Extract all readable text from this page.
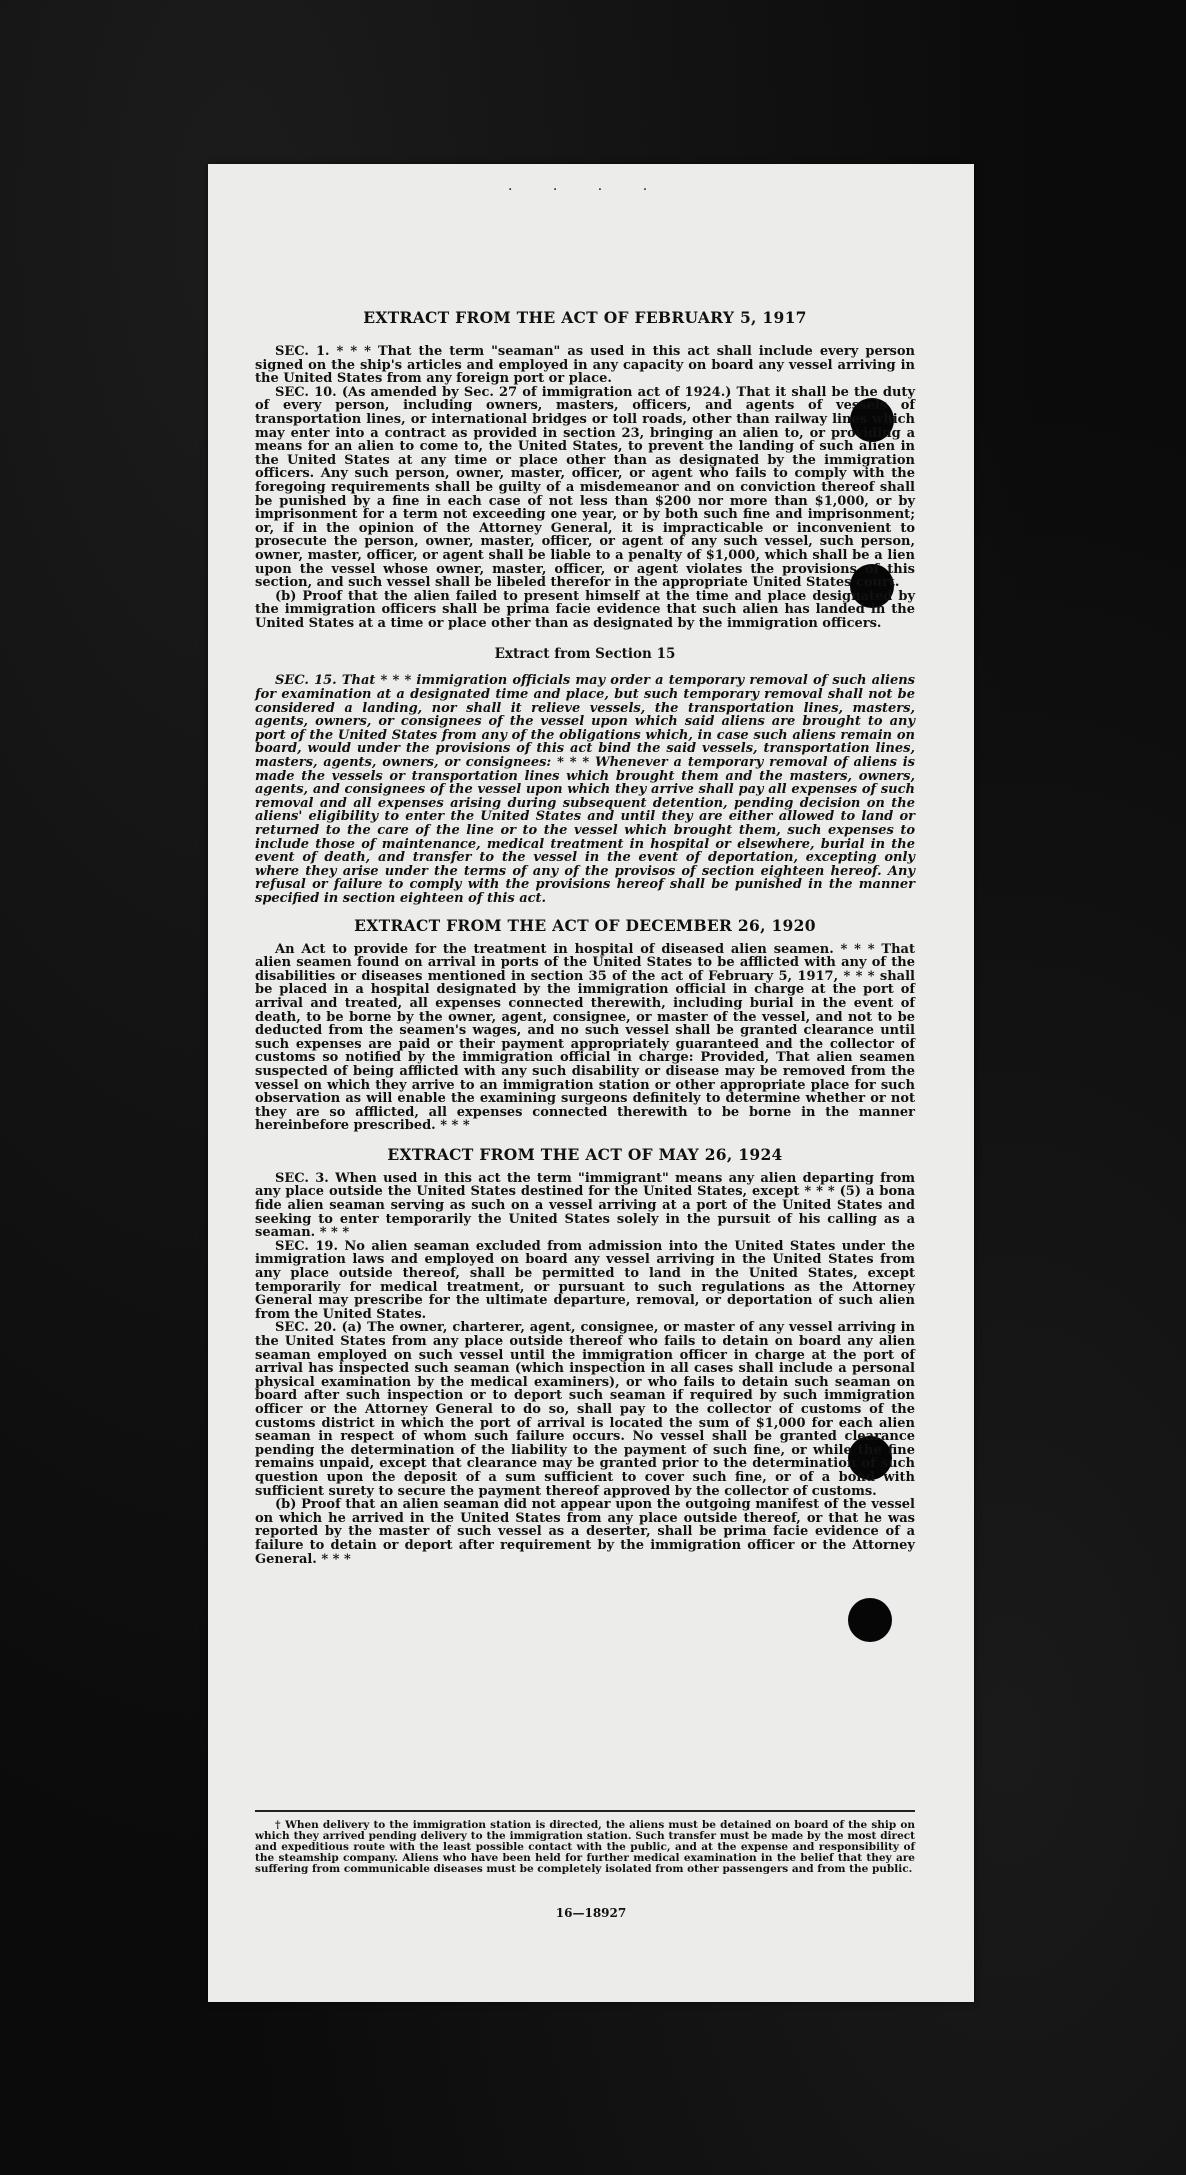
· · · ·
EXTRACT FROM THE ACT OF FEBRUARY 5, 1917

SEC. 1. * * * That the term "seaman" as used in this act shall include every person signed on the ship's articles and employed in any capacity on board any vessel arriving in the United States from any foreign port or place.

SEC. 10. (As amended by Sec. 27 of immigration act of 1924.) That it shall be the duty of every person, including owners, masters, officers, and agents of vessels of transportation lines, or international bridges or toll roads, other than railway lines which may enter into a contract as provided in section 23, bringing an alien to, or providing a means for an alien to come to, the United States, to prevent the landing of such alien in the United States at any time or place other than as designated by the immigration officers. Any such person, owner, master, officer, or agent who fails to comply with the foregoing requirements shall be guilty of a misdemeanor and on conviction thereof shall be punished by a fine in each case of not less than $200 nor more than $1,000, or by imprisonment for a term not exceeding one year, or by both such fine and imprisonment; or, if in the opinion of the Attorney General, it is impracticable or inconvenient to prosecute the person, owner, master, officer, or agent of any such vessel, such person, owner, master, officer, or agent shall be liable to a penalty of $1,000, which shall be a lien upon the vessel whose owner, master, officer, or agent violates the provisions of this section, and such vessel shall be libeled therefor in the appropriate United States court.

(b) Proof that the alien failed to present himself at the time and place designated by the immigration officers shall be prima facie evidence that such alien has landed in the United States at a time or place other than as designated by the immigration officers.

Extract from Section 15

SEC. 15. That * * * immigration officials may order a temporary removal of such aliens for examination at a designated time and place, but such temporary removal shall not be considered a landing, nor shall it relieve vessels, the transportation lines, masters, agents, owners, or consignees of the vessel upon which said aliens are brought to any port of the United States from any of the obligations which, in case such aliens remain on board, would under the provisions of this act bind the said vessels, transportation lines, masters, agents, owners, or consignees: * * * Whenever a temporary removal of aliens is made the vessels or transportation lines which brought them and the masters, owners, agents, and consignees of the vessel upon which they arrive shall pay all expenses of such removal and all expenses arising during subsequent detention, pending decision on the aliens' eligibility to enter the United States and until they are either allowed to land or returned to the care of the line or to the vessel which brought them, such expenses to include those of maintenance, medical treatment in hospital or elsewhere, burial in the event of death, and transfer to the vessel in the event of deportation, excepting only where they arise under the terms of any of the provisos of section eighteen hereof. Any refusal or failure to comply with the provisions hereof shall be punished in the manner specified in section eighteen of this act.

EXTRACT FROM THE ACT OF DECEMBER 26, 1920

An Act to provide for the treatment in hospital of diseased alien seamen. * * * That alien seamen found on arrival in ports of the United States to be afflicted with any of the disabilities or diseases mentioned in section 35 of the act of February 5, 1917, * * * shall be placed in a hospital designated by the immigration official in charge at the port of arrival and treated, all expenses connected therewith, including burial in the event of death, to be borne by the owner, agent, consignee, or master of the vessel, and not to be deducted from the seamen's wages, and no such vessel shall be granted clearance until such expenses are paid or their payment appropriately guaranteed and the collector of customs so notified by the immigration official in charge: Provided, That alien seamen suspected of being afflicted with any such disability or disease may be removed from the vessel on which they arrive to an immigration station or other appropriate place for such observation as will enable the examining surgeons definitely to determine whether or not they are so afflicted, all expenses connected therewith to be borne in the manner hereinbefore prescribed. * * *

EXTRACT FROM THE ACT OF MAY 26, 1924

SEC. 3. When used in this act the term "immigrant" means any alien departing from any place outside the United States destined for the United States, except * * * (5) a bona fide alien seaman serving as such on a vessel arriving at a port of the United States and seeking to enter temporarily the United States solely in the pursuit of his calling as a seaman. * * *

SEC. 19. No alien seaman excluded from admission into the United States under the immigration laws and employed on board any vessel arriving in the United States from any place outside thereof, shall be permitted to land in the United States, except temporarily for medical treatment, or pursuant to such regulations as the Attorney General may prescribe for the ultimate departure, removal, or deportation of such alien from the United States.

SEC. 20. (a) The owner, charterer, agent, consignee, or master of any vessel arriving in the United States from any place outside thereof who fails to detain on board any alien seaman employed on such vessel until the immigration officer in charge at the port of arrival has inspected such seaman (which inspection in all cases shall include a personal physical examination by the medical examiners), or who fails to detain such seaman on board after such inspection or to deport such seaman if required by such immigration officer or the Attorney General to do so, shall pay to the collector of customs of the customs district in which the port of arrival is located the sum of $1,000 for each alien seaman in respect of whom such failure occurs. No vessel shall be granted clearance pending the determination of the liability to the payment of such fine, or while the fine remains unpaid, except that clearance may be granted prior to the determination of such question upon the deposit of a sum sufficient to cover such fine, or of a bond with sufficient surety to secure the payment thereof approved by the collector of customs.

(b) Proof that an alien seaman did not appear upon the outgoing manifest of the vessel on which he arrived in the United States from any place outside thereof, or that he was reported by the master of such vessel as a deserter, shall be prima facie evidence of a failure to detain or deport after requirement by the immigration officer or the Attorney General. * * *

† When delivery to the immigration station is directed, the aliens must be detained on board of the ship on which they arrived pending delivery to the immigration station. Such transfer must be made by the most direct and expeditious route with the least possible contact with the public, and at the expense and responsibility of the steamship company. Aliens who have been held for further medical examination in the belief that they are suffering from communicable diseases must be completely isolated from other passengers and from the public.

16—18927
